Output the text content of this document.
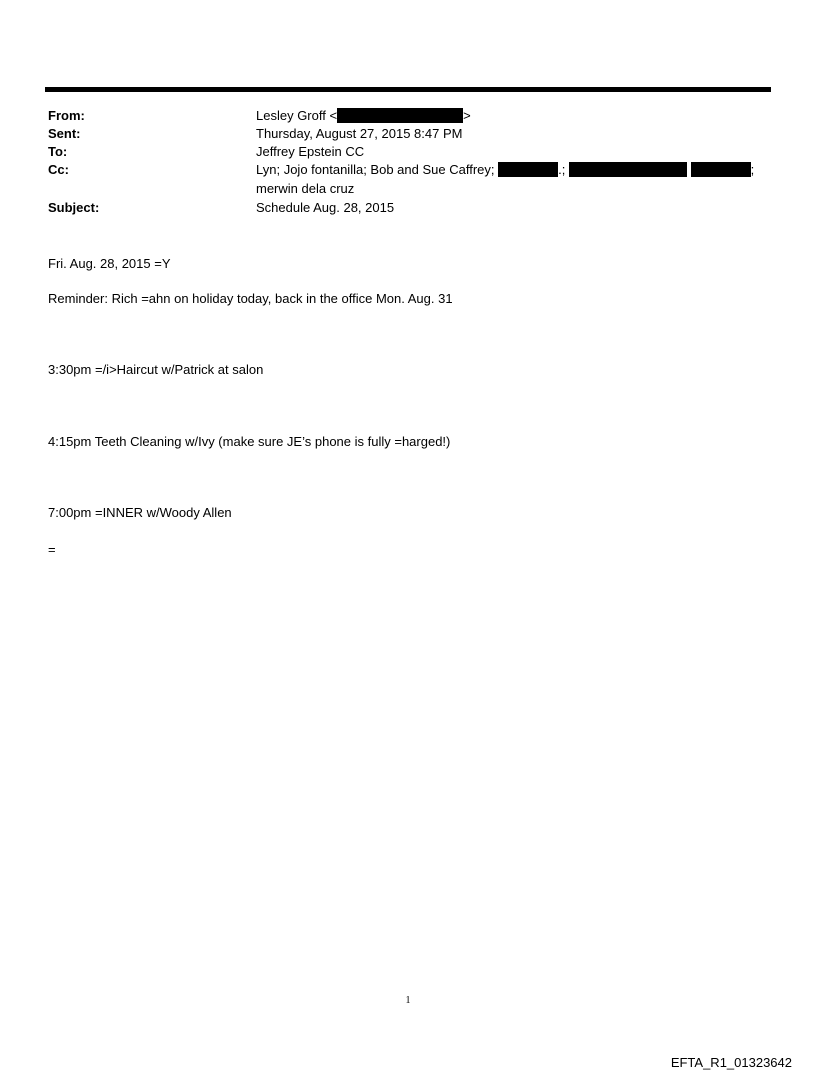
From:	Lesley Groff <	>
Sent:	Thursday, August 27, 2015 8:47 PM
To:	Jeffrey Epstein CC
Cc:	Lyn; Jojo fontanilla; Bob and Sue Caffrey;	.;	;
merwin dela cruz
Subject:	Schedule Aug. 28, 2015
Fri. Aug. 28, 2015 =Y
Reminder: Rich =ahn on holiday today, back in the office Mon. Aug. 31
3:30pm =/i>Haircut w/Patrick at salon
4:15pm Teeth Cleaning w/Ivy (make sure JE’s phone is fully =harged!)
7:00pm =INNER w/Woody Allen
=
1
EFTA_R1_01323642
